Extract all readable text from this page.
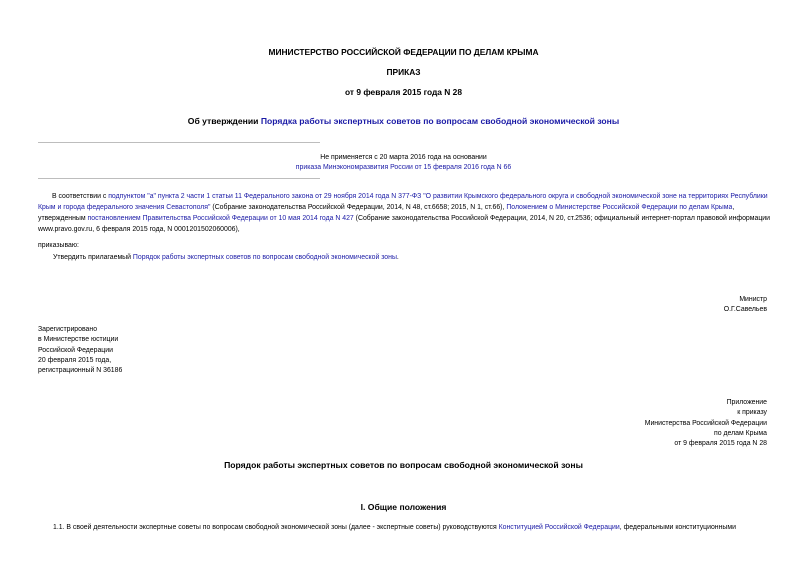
МИНИСТЕРСТВО РОССИЙСКОЙ ФЕДЕРАЦИИ ПО ДЕЛАМ КРЫМА
ПРИКАЗ
от 9 февраля 2015 года N 28
Об утверждении Порядка работы экспертных советов по вопросам свободной экономической зоны
Не применяется с 20 марта 2016 года на основании
приказа Минэкономразвития России от 15 февраля 2016 года N 66
В соответствии с подпунктом "а" пункта 2 части 1 статьи 11 Федерального закона от 29 ноября 2014 года N 377-ФЗ "О развитии Крымского федерального округа и свободной экономической зоне на территориях Республики Крым и города федерального значения Севастополя" (Собрание законодательства Российской Федерации, 2014, N 48, ст.6658; 2015, N 1, ст.66), Положением о Министерстве Российской Федерации по делам Крыма, утвержденным постановлением Правительства Российской Федерации от 10 мая 2014 года N 427 (Собрание законодательства Российской Федерации, 2014, N 20, ст.2536; официальный интернет-портал правовой информации www.pravo.gov.ru, 6 февраля 2015 года, N 0001201502060006),
приказываю:
Утвердить прилагаемый Порядок работы экспертных советов по вопросам свободной экономической зоны.
Министр
О.Г.Савельев
Зарегистрировано
в Министерстве юстиции
Российской Федерации
20 февраля 2015 года,
регистрационный N 36186
Приложение
к приказу
Министерства Российской Федерации
по делам Крыма
от 9 февраля 2015 года N 28
Порядок работы экспертных советов по вопросам свободной экономической зоны
I. Общие положения
1.1. В своей деятельности экспертные советы по вопросам свободной экономической зоны (далее - экспертные советы) руководствуются Конституцией Российской Федерации, федеральными конституционными
